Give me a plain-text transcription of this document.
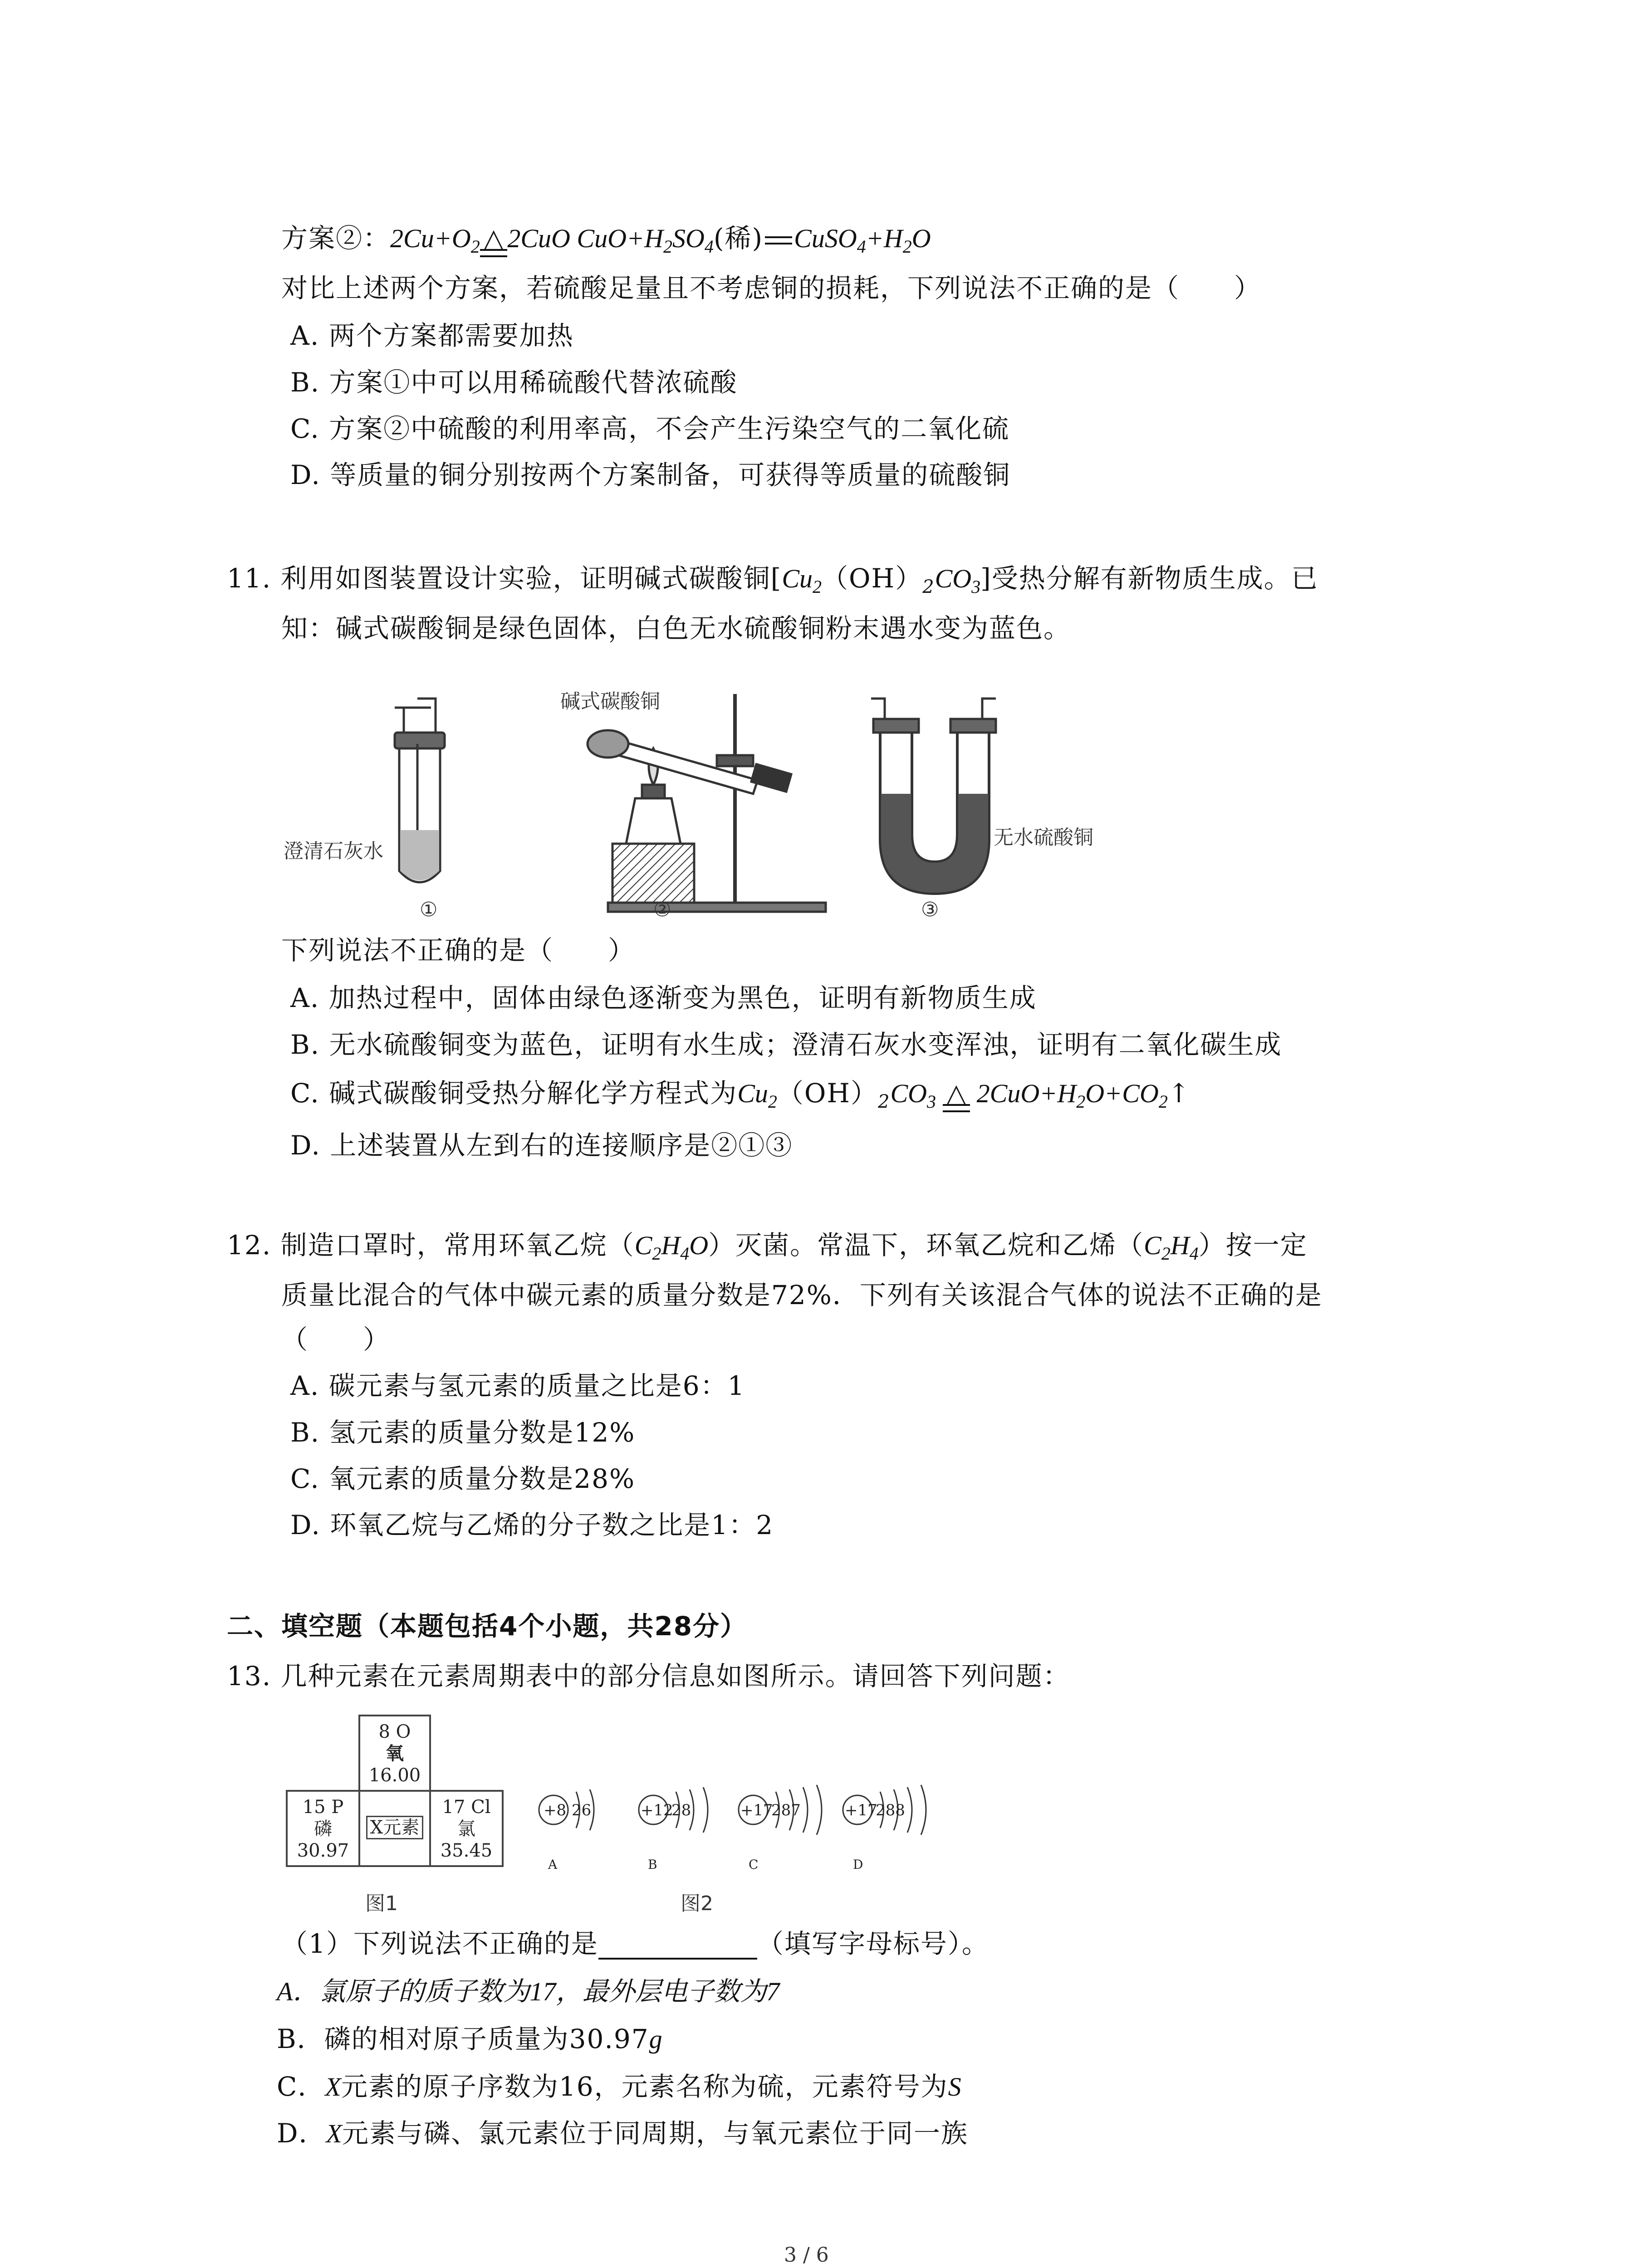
方案②：$2Cu+O_2$ △ 2CuO $CuO+H_2SO_4$(稀) $CuSO_4+H_2O$
对比上述两个方案，若硫酸足量且不考虑铜的损耗，下列说法不正确的是（　　）
A. 两个方案都需要加热
B. 方案①中可以用稀硫酸代替浓硫酸
C. 方案②中硫酸的利用率高，不会产生污染空气的二氧化硫
D. 等质量的铜分别按两个方案制备，可获得等质量的硫酸铜
11. 利用如图装置设计实验，证明碱式碳酸铜$[Cu_2(OH)_2CO_3]$受热分解有新物质生成。已
知：碱式碳酸铜是绿色固体，白色无水硫酸铜粉末遇水变为蓝色。
碱式碳酸铜
澄清石灰水
无水硫酸铜
①	②	③
下列说法不正确的是（　　）
A. 加热过程中，固体由绿色逐渐变为黑色，证明有新物质生成
B. 无水硫酸铜变为蓝色，证明有水生成；澄清石灰水变浑浊，证明有二氧化碳生成
C. 碱式碳酸铜受热分解化学方程式为$Cu_2(OH)_2CO_3$ △ $2CuO+H_2O+CO_2↑$
D. 上述装置从左到右的连接顺序是②①③
12. 制造口罩时，常用环氧乙烷$(C_2H_4O)$灭菌。常温下，环氧乙烷和乙烯$(C_2H_4)$按一定
质量比混合的气体中碳元素的质量分数是72%．下列有关该混合气体的说法不正确的是
（　　）
A. 碳元素与氢元素的质量之比是6：1
B. 氢元素的质量分数是12%
C. 氧元素的质量分数是28%
D. 环氧乙烷与乙烯的分子数之比是1：2
二、填空题（本题包括4个小题，共28分）
13. 几种元素在元素周期表中的部分信息如图所示。请回答下列问题：
8 O
氧
16.00
15 P
磷
30.97
X元素
17 Cl
氯
35.45
+8 26
A
+12
28
B
+17
287
C
+17
288
D
图1	图2
（1）下列说法不正确的是	（填写字母标号）。
A．氯原子的质子数为17，最外层电子数为7
B．磷的相对原子质量为30.97g
C．X元素的原子序数为16，元素名称为硫，元素符号为S
D．X元素与磷、氯元素位于同周期，与氧元素位于同一族
3 / 6
